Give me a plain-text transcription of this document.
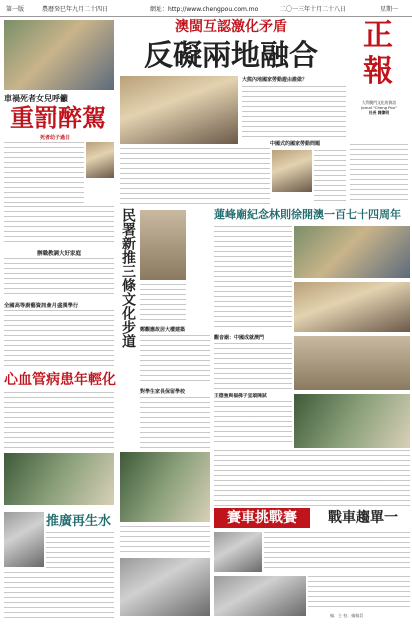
第一版	農曆癸巳年九月二十四日	網址：http://www.chengpou.com.mo	二〇一三年十月二十八日	星期一
車禍死者女兒呼籲
重罰醉駕
死者幼子過日
辦職教調大好家庭
全國高等廚藝資訊會月盛漢學行
心血管病患年輕化
推廣再生水
澳閩互認激化矛盾
反礙兩地融合
大熊內地國家勞動證由誰做？
中國式的國家勞動問題
正報
大利澳門文化的資訊
Jornal "Cheng Pou"
社長 陳偉明
民署新推三條文化步道 鄭觀應故居大樓建築
對學生家長保留學校
蓮峰廟紀念林則徐開澳一百七十四周年
觀音廟：中國成就澳門
王德強與福佛子宣頌陳試
賽車挑戰賽	戰車趨單一
編：主 校：編稿員
